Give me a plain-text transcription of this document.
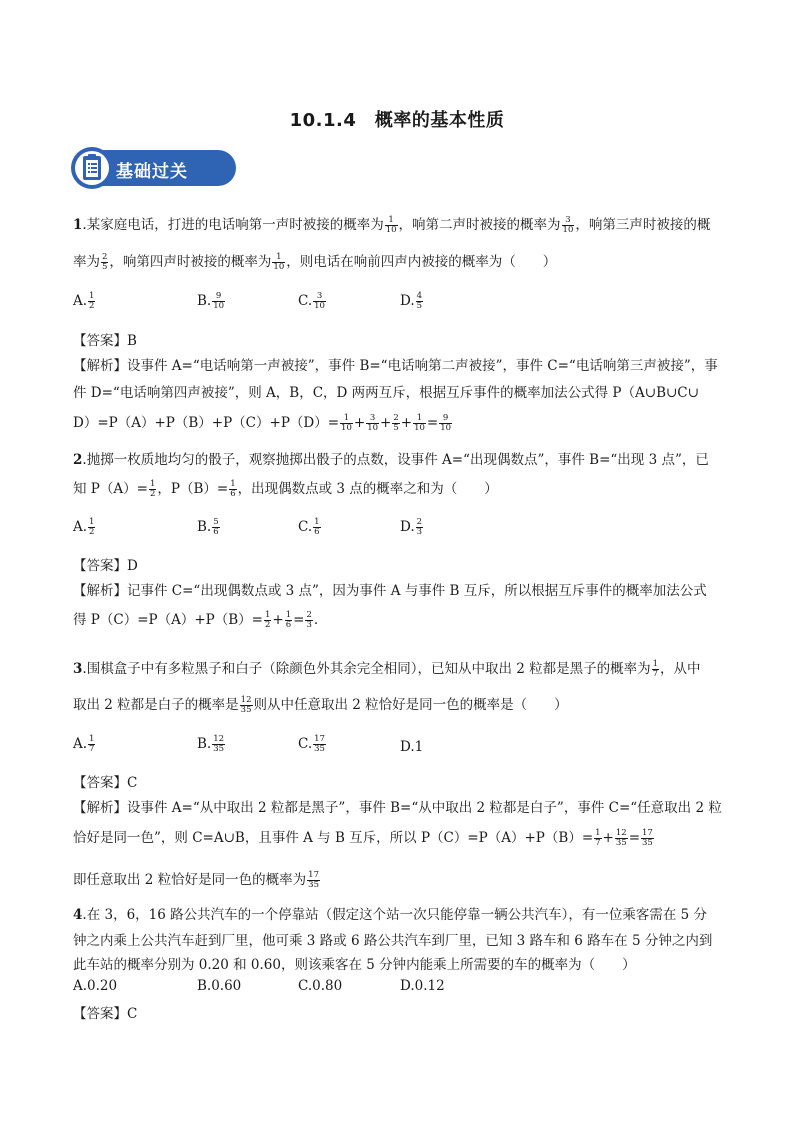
10.1.4　概率的基本性质
基础过关
1.某家庭电话，打进的电话响第一声时被接的概率为 $\frac{1}{10}$ ，响第二声时被接的概率为 $\frac{3}{10}$ ，响第三声时被接的概
率为 $\frac{2}{5}$ ，响第四声时被接的概率为 $\frac{1}{10}$ ，则电话在响前四声内被接的概率为（　　）
A. $\frac{1}{2}$	B. $\frac{9}{10}$	C. $\frac{3}{10}$	D. $\frac{4}{5}$
【答案】B
【解析】设事件 A=“电话响第一声被接”，事件 B=“电话响第二声被接”，事件 C=“电话响第三声被接”，事
件 D=“电话响第四声被接”，则 A，B，C，D 两两互斥，根据互斥事件的概率加法公式得 P（A∪B∪C∪
$D)=P(A)+P(B)+P(C)+P(D)= \frac{1}{10} + \frac{3}{10} + \frac{2}{5} + \frac{1}{10} = \frac{9}{10}$
2.抛掷一枚质地均匀的骰子，观察抛掷出骰子的点数，设事件 A=“出现偶数点”，事件 B=“出现 3 点”，已
知 $P(A)= \frac{1}{2}$ ，$P(B)= \frac{1}{6}$ ，出现偶数点或 3 点的概率之和为（　　）
A. $\frac{1}{2}$	B. $\frac{5}{6}$	C. $\frac{1}{6}$	D. $\frac{2}{3}$
【答案】D
【解析】记事件 C=“出现偶数点或 3 点”，因为事件 A 与事件 B 互斥，所以根据互斥事件的概率加法公式
得 $P(C)=P(A)+P(B)= \frac{1}{2} + \frac{1}{6} = \frac{2}{3}$ .
3.围棋盒子中有多粒黑子和白子（除颜色外其余完全相同），已知从中取出 2 粒都是黑子的概率为 $\frac{1}{7}$ ，从中
取出 2 粒都是白子的概率是 $\frac{12}{35}$ 则从中任意取出 2 粒恰好是同一色的概率是（　　）
A. $\frac{1}{7}$	B. $\frac{12}{35}$	C. $\frac{17}{35}$	D.1
【答案】C
【解析】设事件 A=“从中取出 2 粒都是黑子”，事件 B=“从中取出 2 粒都是白子”，事件 C=“任意取出 2 粒
恰好是同一色”，则 C=A∪B，且事件 A 与 B 互斥，所以 $P(C)=P(A)+P(B)= \frac{1}{7} + \frac{12}{35} = \frac{17}{35}$
即任意取出 2 粒恰好是同一色的概率为 $\frac{17}{35}$
4.在 3，6，16 路公共汽车的一个停靠站（假定这个站一次只能停靠一辆公共汽车），有一位乘客需在 5 分
钟之内乘上公共汽车赶到厂里，他可乘 3 路或 6 路公共汽车到厂里，已知 3 路车和 6 路车在 5 分钟之内到
此车站的概率分别为 0.20 和 0.60，则该乘客在 5 分钟内能乘上所需要的车的概率为（　　）
A.0.20	B.0.60	C.0.80	D.0.12
【答案】C
